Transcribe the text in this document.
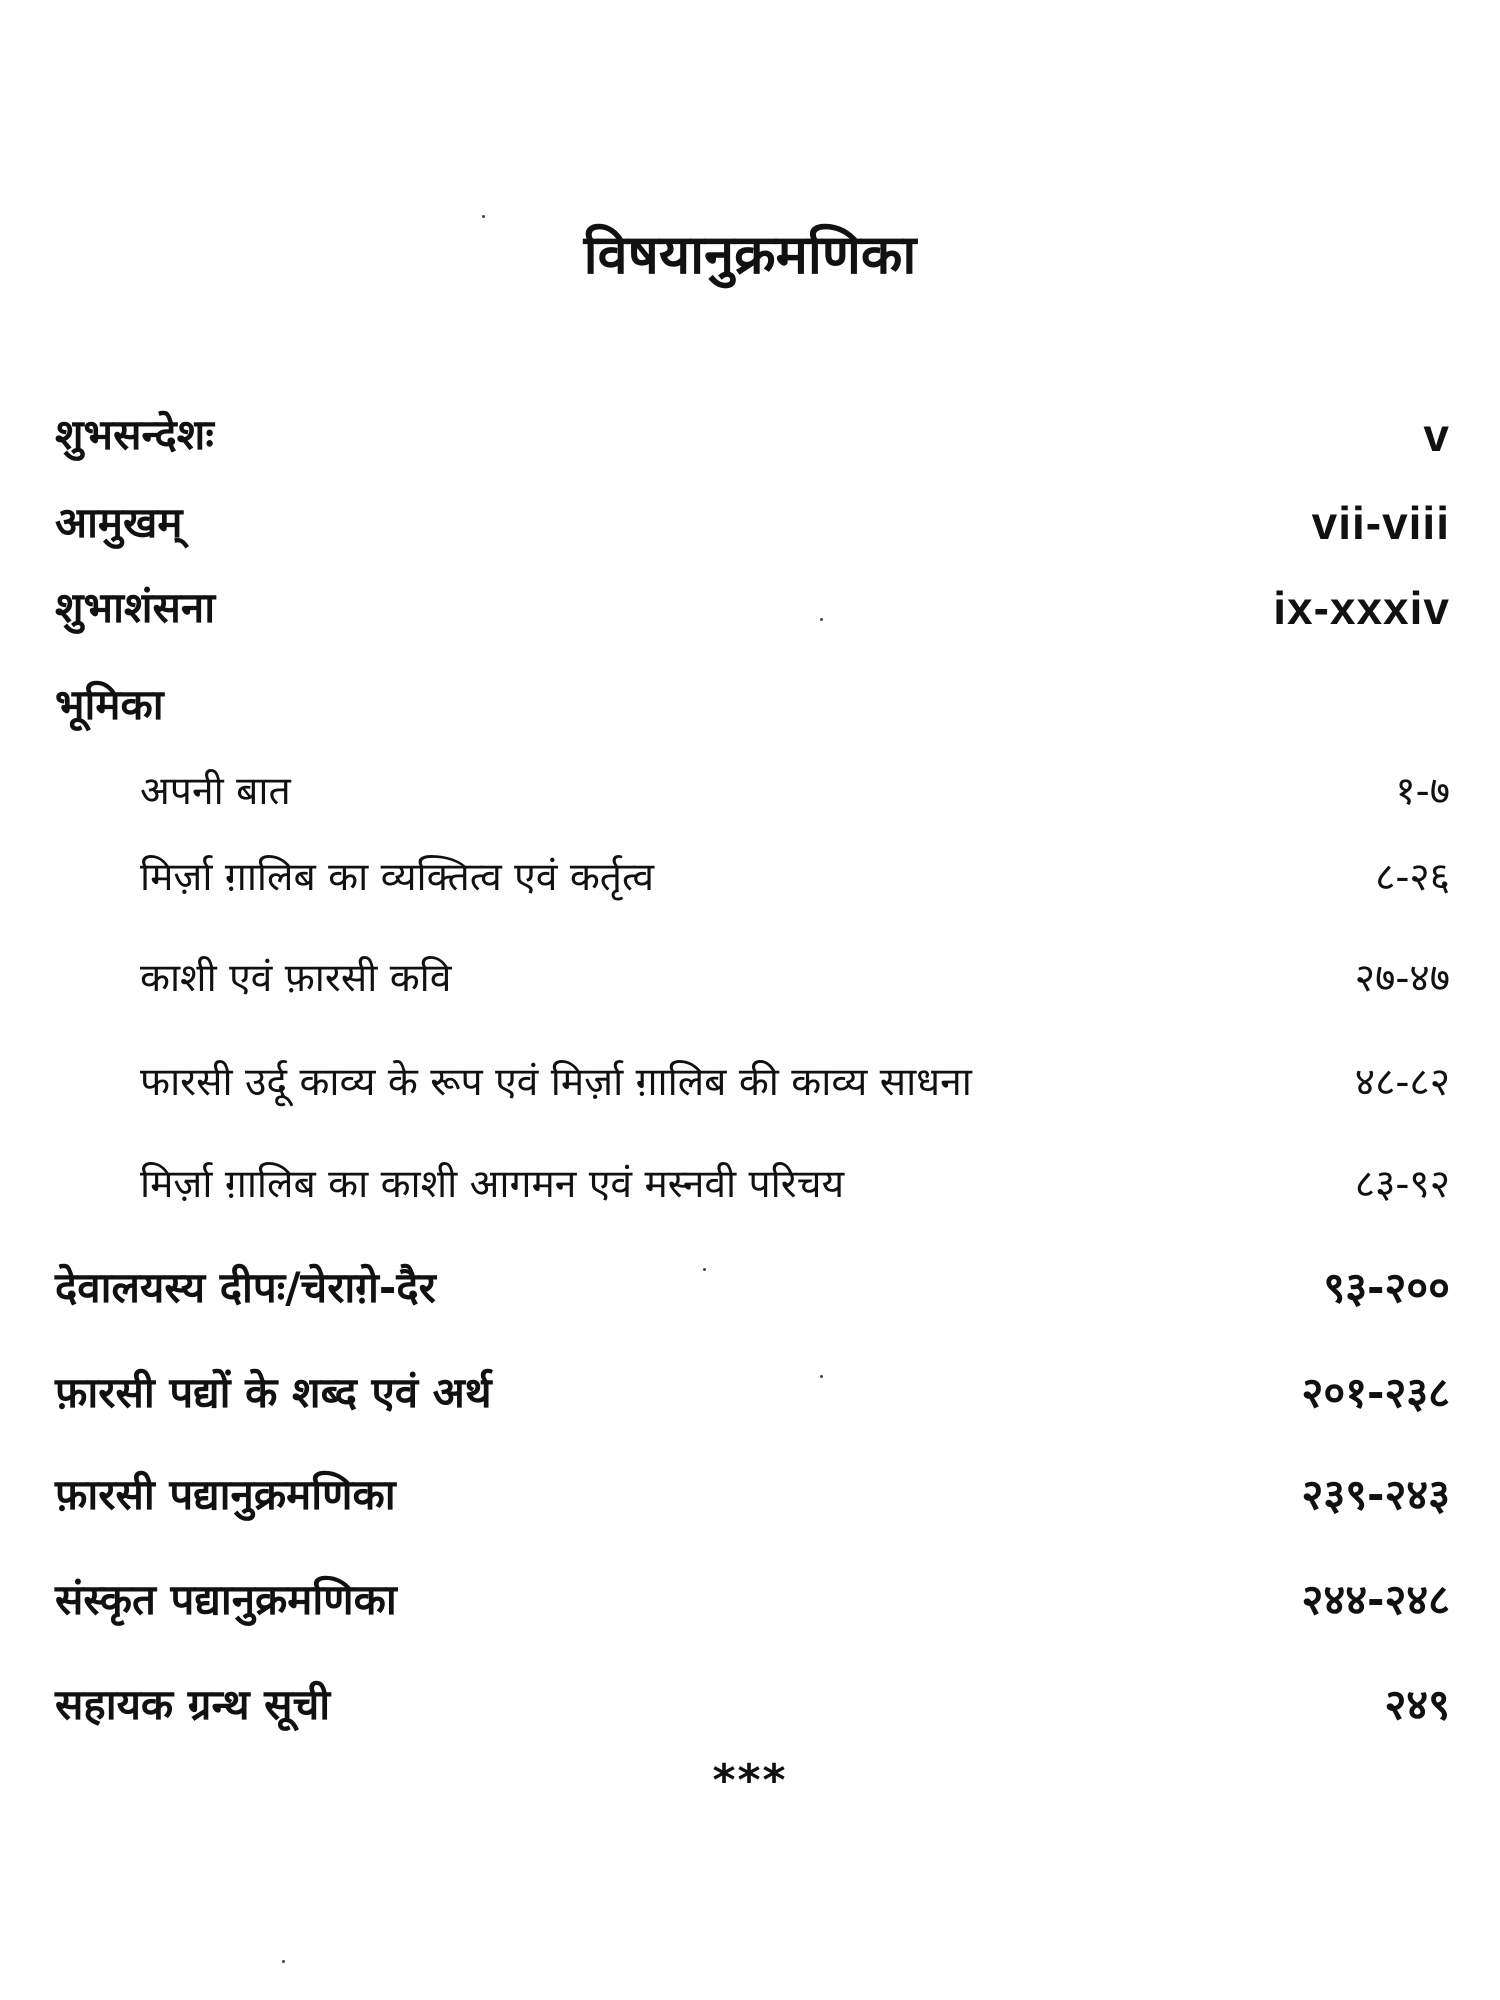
विषयानुक्रमणिका
शुभसन्देशः	v
आमुखम्	vii-viii
शुभाशंसना	ix-xxxiv
भूमिका
अपनी बात	१-७
मिर्ज़ा ग़ालिब का व्यक्तित्व एवं कर्तृत्व	८-२६
काशी एवं फ़ारसी कवि	२७-४७
फारसी उर्दू काव्य के रूप एवं मिर्ज़ा ग़ालिब की काव्य साधना	४८-८२
मिर्ज़ा ग़ालिब का काशी आगमन एवं मस्नवी परिचय	८३-९२
देवालयस्य दीपः/चेराग़े-दैर	९३-२००
फ़ारसी पद्यों के शब्द एवं अर्थ	२०१-२३८
फ़ारसी पद्यानुक्रमणिका	२३९-२४३
संस्कृत पद्यानुक्रमणिका	२४४-२४८
सहायक ग्रन्थ सूची	२४९
***
